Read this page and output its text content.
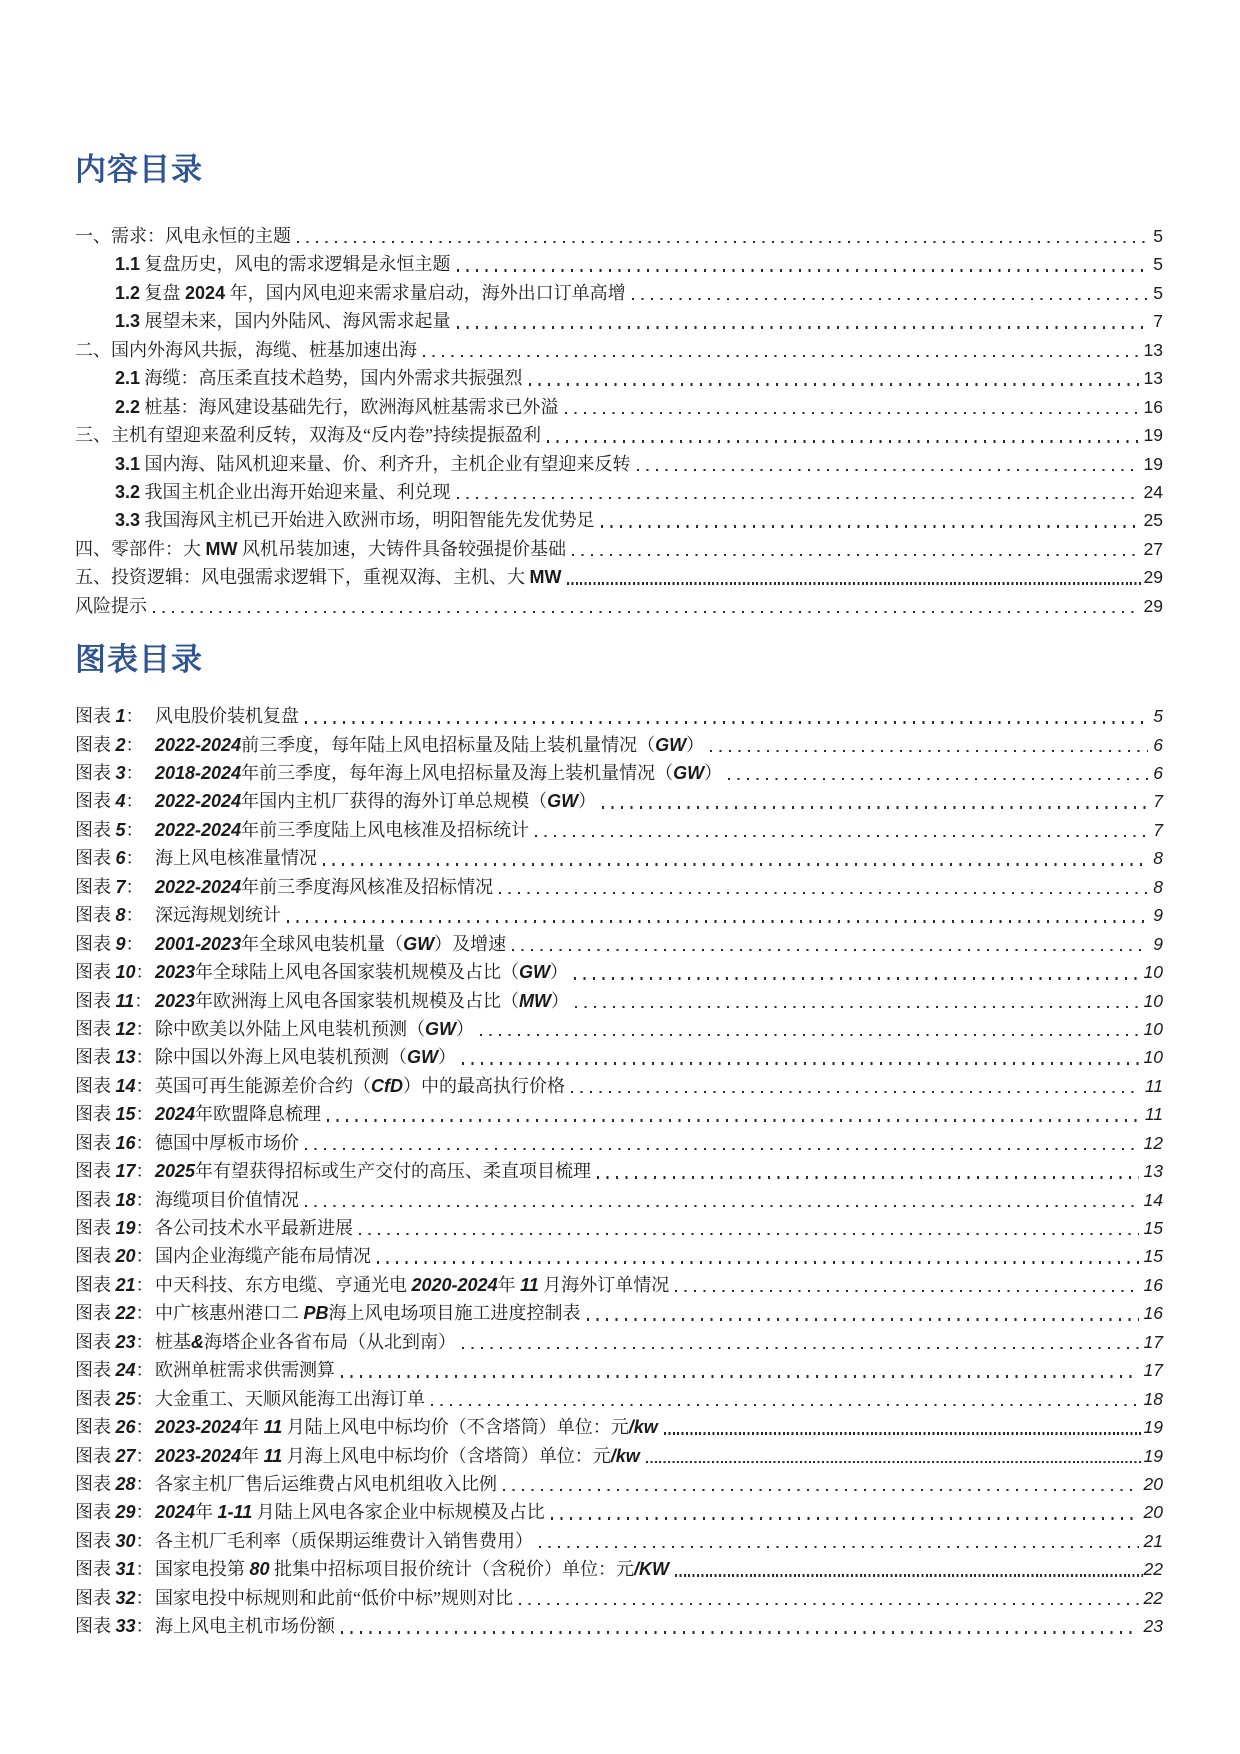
内容目录
一、需求：风电永恒的主题	5
1.1 复盘历史，风电的需求逻辑是永恒主题	5
1.2 复盘 2024 年，国内风电迎来需求量启动，海外出口订单高增	5
1.3 展望未来，国内外陆风、海风需求起量	7
二、国内外海风共振，海缆、桩基加速出海	13
2.1 海缆：高压柔直技术趋势，国内外需求共振强烈	13
2.2 桩基：海风建设基础先行，欧洲海风桩基需求已外溢	16
三、主机有望迎来盈利反转，双海及“反内卷”持续提振盈利	19
3.1 国内海、陆风机迎来量、价、利齐升，主机企业有望迎来反转	19
3.2 我国主机企业出海开始迎来量、利兑现	24
3.3 我国海风主机已开始进入欧洲市场，明阳智能先发优势足	25
四、零部件：大 MW 风机吊装加速，大铸件具备较强提价基础	27
五、投资逻辑：风电强需求逻辑下，重视双海、主机、大 MW	29
风险提示	29
图表目录
图表 1： 风电股价装机复盘	5
图表 2： 2022-2024前三季度，每年陆上风电招标量及陆上装机量情况（GW）	6
图表 3： 2018-2024年前三季度，每年海上风电招标量及海上装机量情况（GW）	6
图表 4： 2022-2024年国内主机厂获得的海外订单总规模（GW）	7
图表 5： 2022-2024年前三季度陆上风电核准及招标统计	7
图表 6： 海上风电核准量情况	8
图表 7： 2022-2024年前三季度海风核准及招标情况	8
图表 8： 深远海规划统计	9
图表 9： 2001-2023年全球风电装机量（GW）及增速	9
图表 10： 2023年全球陆上风电各国家装机规模及占比（GW）	10
图表 11： 2023年欧洲海上风电各国家装机规模及占比（MW）	10
图表 12： 除中欧美以外陆上风电装机预测（GW）	10
图表 13： 除中国以外海上风电装机预测（GW）	10
图表 14： 英国可再生能源差价合约（CfD）中的最高执行价格	11
图表 15： 2024年欧盟降息梳理	11
图表 16： 德国中厚板市场价	12
图表 17： 2025年有望获得招标或生产交付的高压、柔直项目梳理	13
图表 18： 海缆项目价值情况	14
图表 19： 各公司技术水平最新进展	15
图表 20： 国内企业海缆产能布局情况	15
图表 21： 中天科技、东方电缆、亨通光电 2020-2024年 11 月海外订单情况	16
图表 22： 中广核惠州港口二 PB海上风电场项目施工进度控制表	16
图表 23： 桩基&海塔企业各省布局（从北到南）	17
图表 24： 欧洲单桩需求供需测算	17
图表 25： 大金重工、天顺风能海工出海订单	18
图表 26： 2023-2024年 11 月陆上风电中标均价（不含塔筒）单位：元/kw	19
图表 27： 2023-2024年 11 月海上风电中标均价（含塔筒）单位：元/kw	19
图表 28： 各家主机厂售后运维费占风电机组收入比例	20
图表 29： 2024年 1-11 月陆上风电各家企业中标规模及占比	20
图表 30： 各主机厂毛利率（质保期运维费计入销售费用）	21
图表 31： 国家电投第 80 批集中招标项目报价统计（含税价）单位：元/KW	22
图表 32： 国家电投中标规则和此前“低价中标”规则对比	22
图表 33： 海上风电主机市场份额	23
